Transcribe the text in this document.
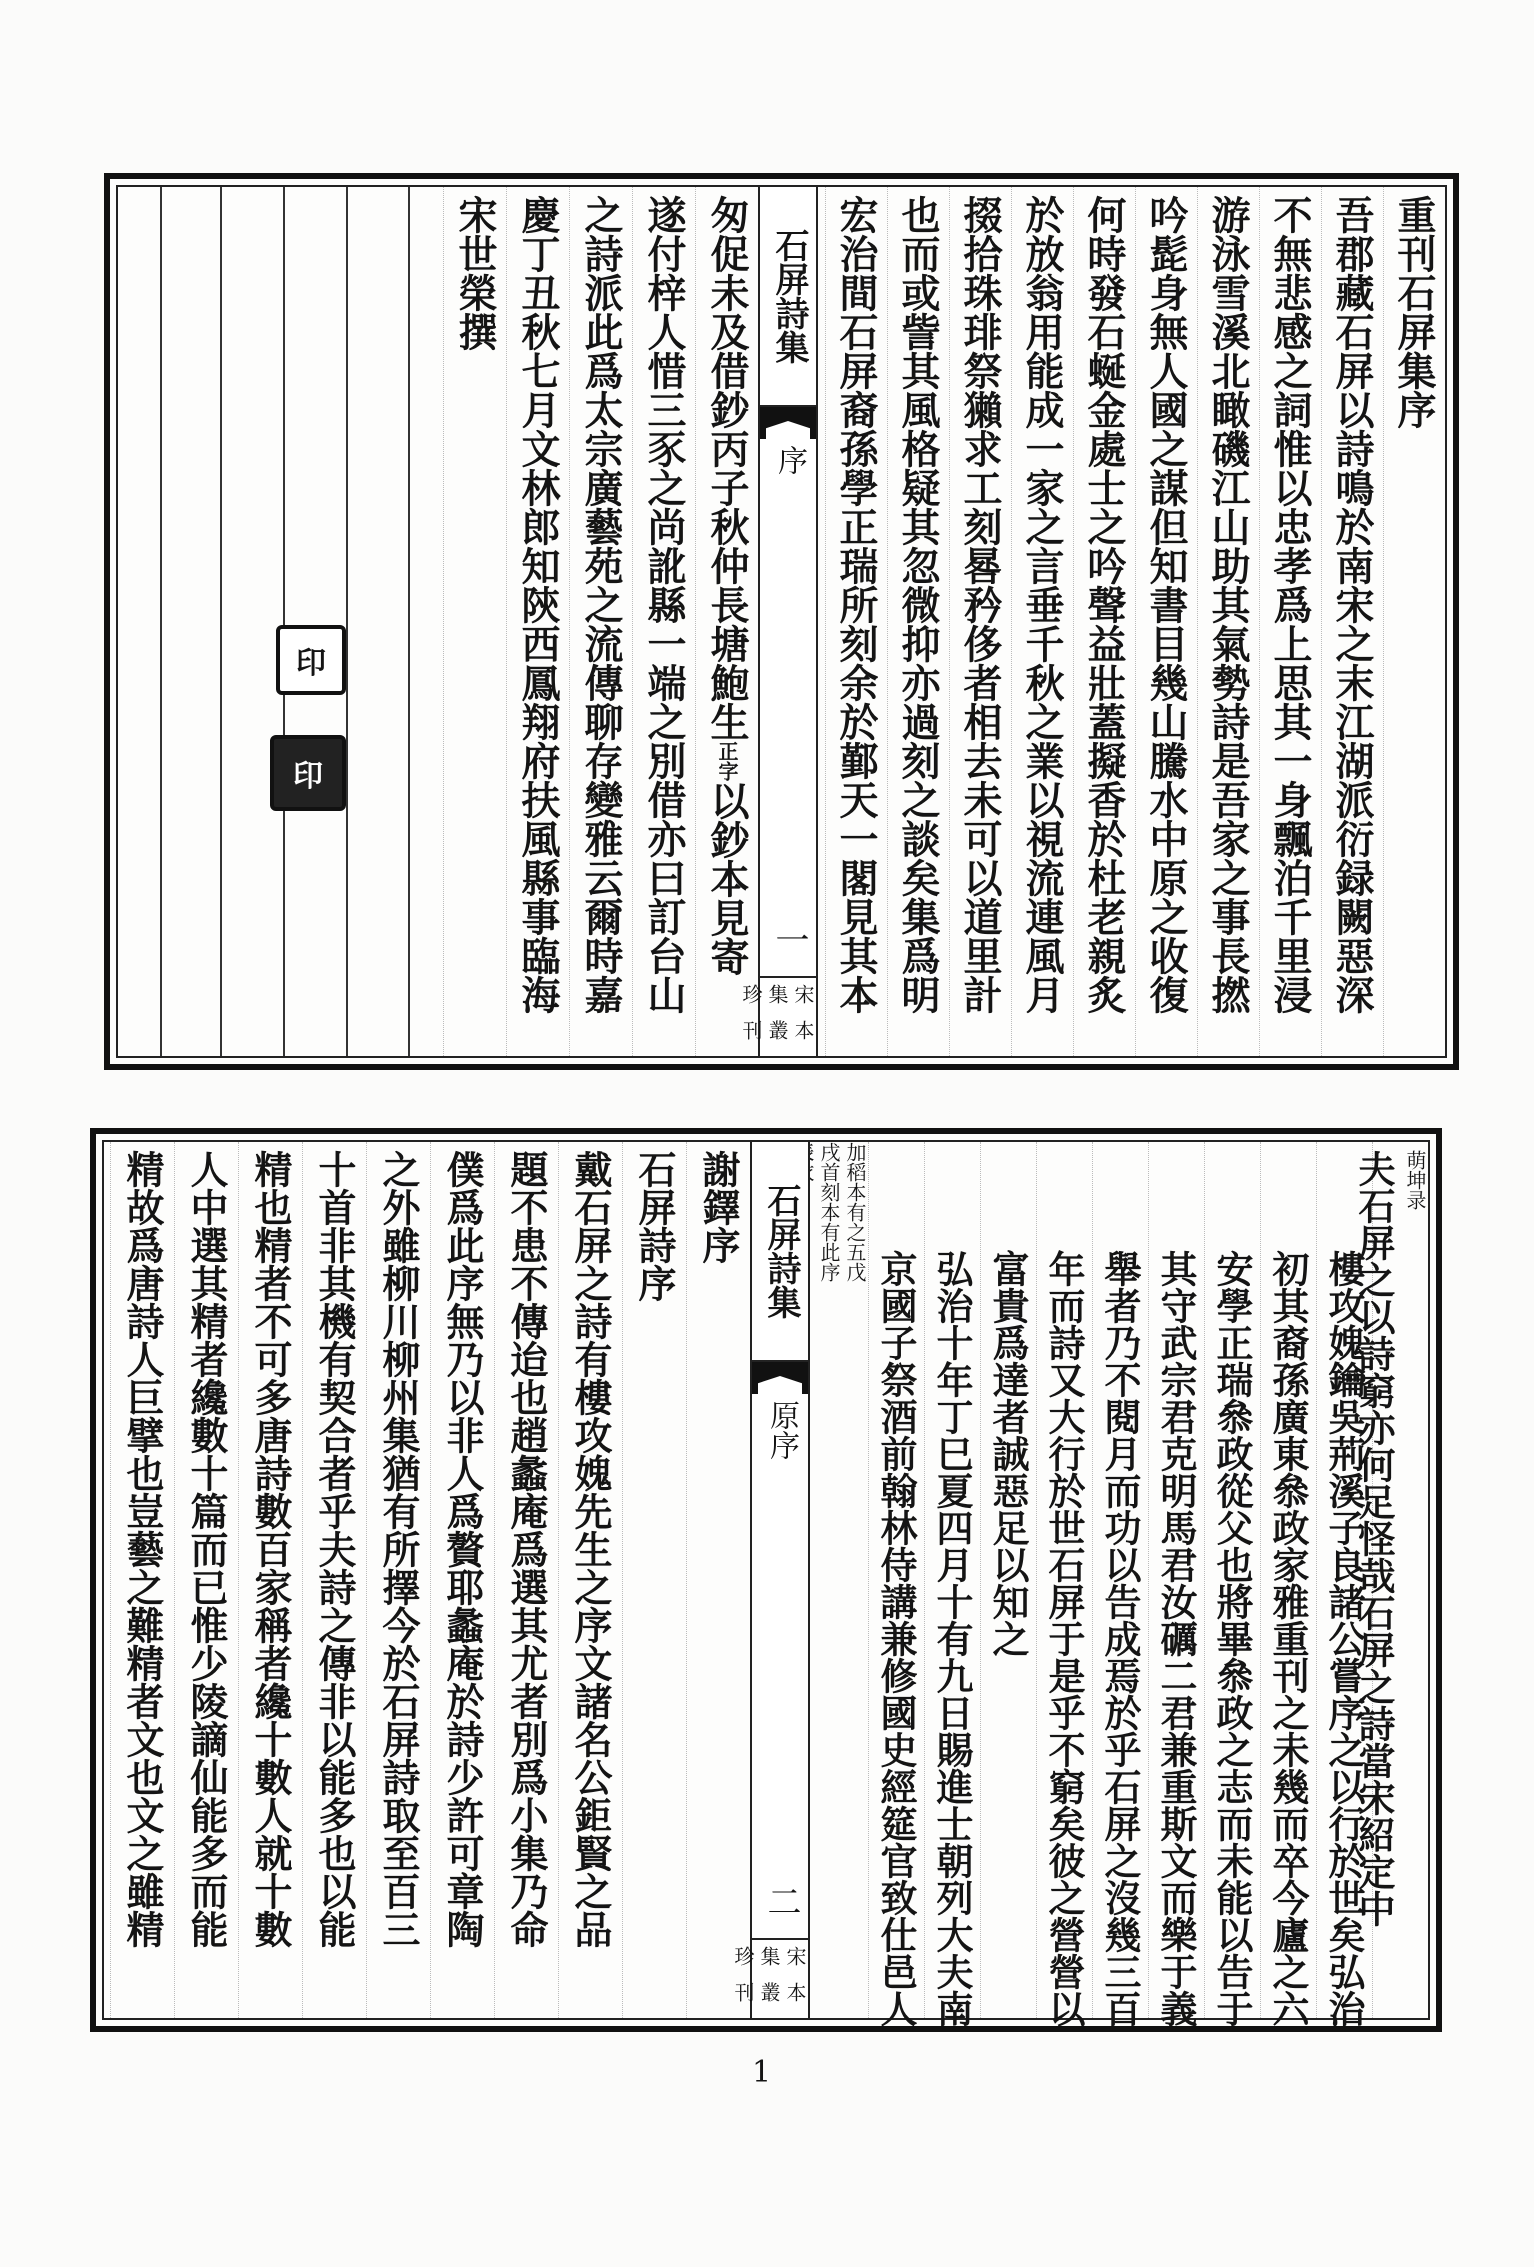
重刊石屏集序
吾郡藏石屏以詩鳴於南宋之末江湖派衍録闕惡深
不無悲感之詞惟以忠孝爲上思其一身飄泊千里浸
游泳雪溪北瞰磯江山助其氣勢詩是吾家之事長撚
吟髭身無人國之謀但知書目幾山騰水中原之收復
何時發石蜒金處士之吟聲益壯蓋擬香於杜老親炙
於放翁用能成一家之言垂千秋之業以視流連風月
掇拾珠琲祭獺求工刻晷矜侈者相去未可以道里計
也而或訾其風格疑其忽微抑亦過刻之談矣集爲明
宏治間石屏裔孫學正瑞所刻余於鄞天一閣見其本
石屏詩集
序
一
宋集珍
本叢刊
匆促未及借鈔丙子秋仲長塘鮑生正字以鈔本見寄
遂付梓人惜三豕之尚訛縣一端之別借亦曰訂台山
之詩派此爲太宗廣藝苑之流傳聊存變雅云爾時嘉
慶丁丑秋七月文林郎知陝西鳳翔府扶風縣事臨海
宋世榮撰
印
印
萌坤录
夫石屏之以詩窮亦何足怪哉石屏之詩當宋紹定中
樓攻媿鑰吳荊溪子良諸公嘗序之以行於世矣弘治
初其裔孫廣東叅政家雅重刊之未幾而卒今廬之六
安學正瑞叅政從父也將畢叅政之志而未能以告于
其守武宗君克明馬君汝礪二君兼重斯文而樂于義
舉者乃不閱月而功以告成焉於乎石屏之沒幾三百
年而詩又大行於世石屏于是乎不窮矣彼之營營以
富貴爲達者誠惡足以知之
弘治十年丁巳夏四月十有九日賜進士朝列大夫南
京國子祭酒前翰林侍講兼修國史經筵官致仕邑人
加稻本有之五戊
戌首刻本有此序
石屏詩集
原序
二
宋集珍
本叢刊
謝鐸序
石屏詩序
戴石屏之詩有樓攻媿先生之序文諸名公鉅賢之品
題不患不傳迨也趙蠡庵爲選其尤者別爲小集乃命
僕爲此序無乃以非人爲贅耶蠡庵於詩少許可章陶
之外雖柳川柳州集猶有所擇今於石屏詩取至百三
十首非其機有契合者乎夫詩之傳非以能多也以能
精也精者不可多唐詩數百家稱者纔十數人就十數
人中選其精者纔數十篇而已惟少陵謫仙能多而能
精故爲唐詩人巨擘也豈藝之難精者文也文之雖精
1
